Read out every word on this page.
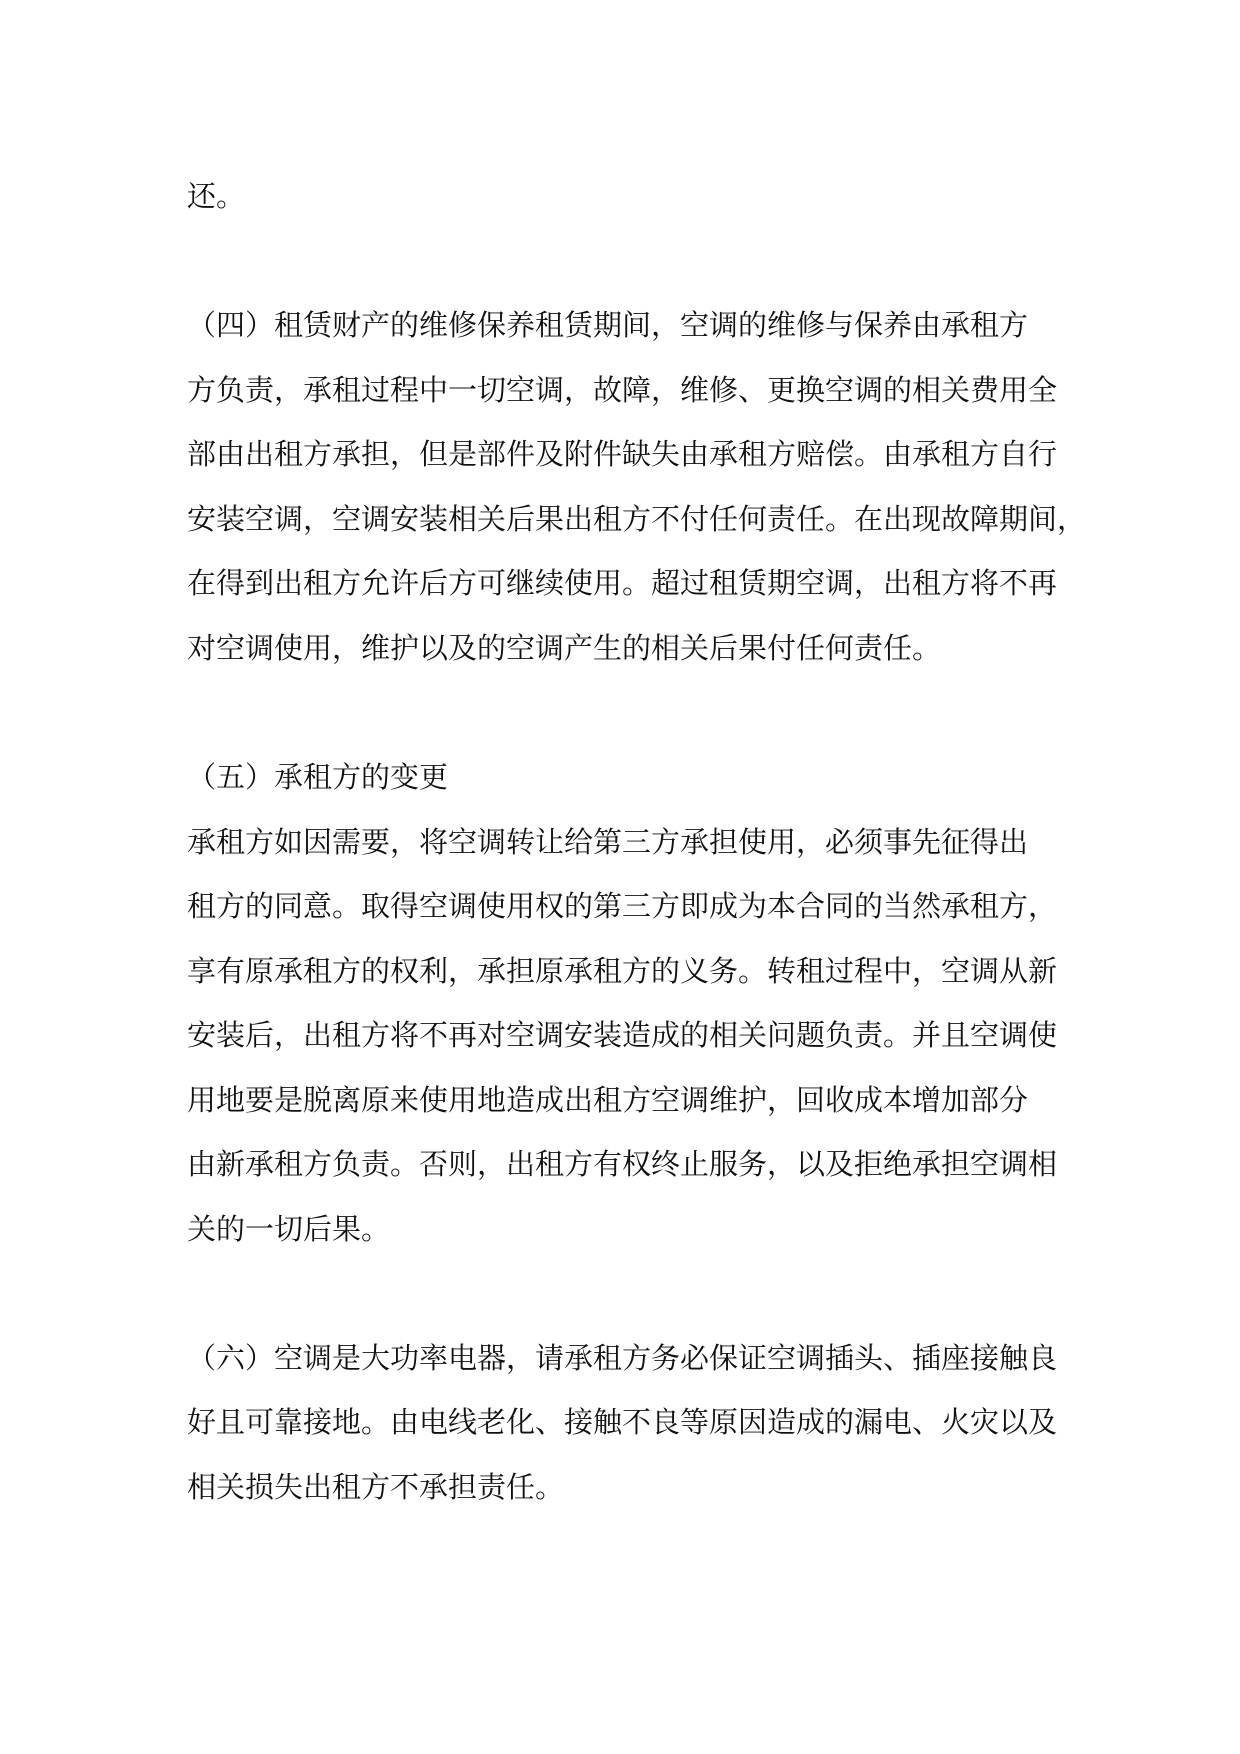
还。

（四）租赁财产的维修保养租赁期间，空调的维修与保养由承租方

方负责，承租过程中一切空调，故障，维修、更换空调的相关费用全

部由出租方承担，但是部件及附件缺失由承租方赔偿。由承租方自行

安装空调，空调安装相关后果出租方不付任何责任。在出现故障期间，

在得到出租方允许后方可继续使用。超过租赁期空调，出租方将不再

对空调使用，维护以及的空调产生的相关后果付任何责任。

（五）承租方的变更

承租方如因需要，将空调转让给第三方承担使用，必须事先征得出

租方的同意。取得空调使用权的第三方即成为本合同的当然承租方，

享有原承租方的权利，承担原承租方的义务。转租过程中，空调从新

安装后，出租方将不再对空调安装造成的相关问题负责。并且空调使

用地要是脱离原来使用地造成出租方空调维护，回收成本增加部分

由新承租方负责。否则，出租方有权终止服务，以及拒绝承担空调相

关的一切后果。

（六）空调是大功率电器，请承租方务必保证空调插头、插座接触良

好且可靠接地。由电线老化、接触不良等原因造成的漏电、火灾以及

相关损失出租方不承担责任。
